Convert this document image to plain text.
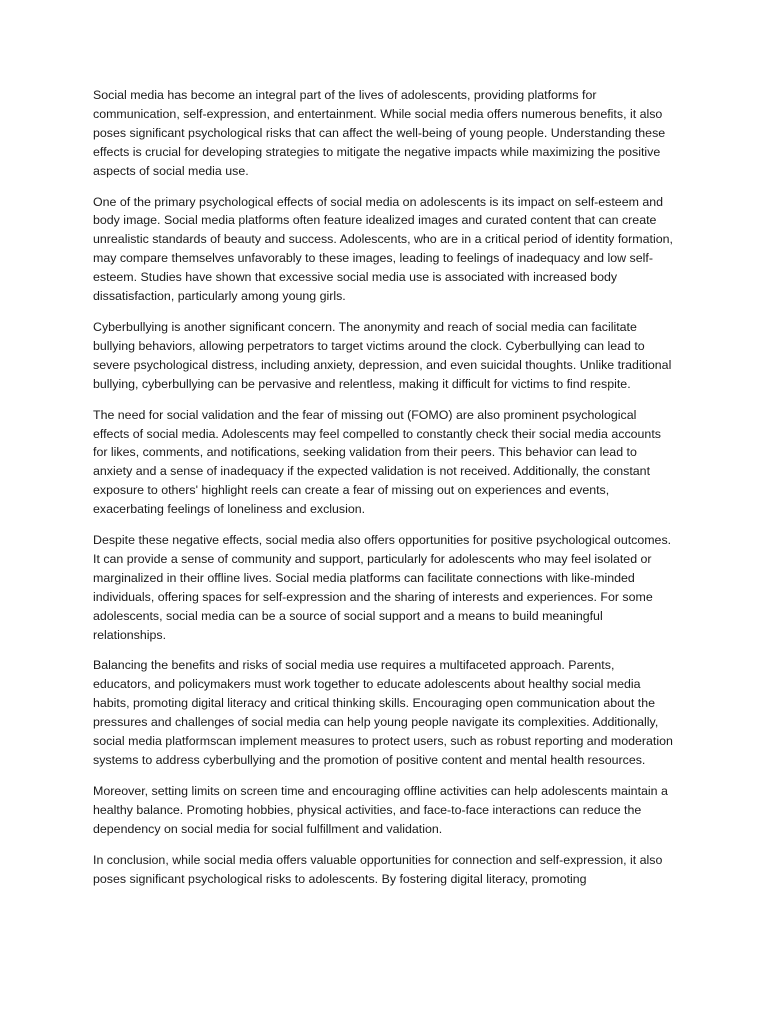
Social media has become an integral part of the lives of adolescents, providing platforms for communication, self-expression, and entertainment. While social media offers numerous benefits, it also poses significant psychological risks that can affect the well-being of young people. Understanding these effects is crucial for developing strategies to mitigate the negative impacts while maximizing the positive aspects of social media use.

One of the primary psychological effects of social media on adolescents is its impact on self-esteem and body image. Social media platforms often feature idealized images and curated content that can create unrealistic standards of beauty and success. Adolescents, who are in a critical period of identity formation, may compare themselves unfavorably to these images, leading to feelings of inadequacy and low self-esteem. Studies have shown that excessive social media use is associated with increased body dissatisfaction, particularly among young girls.

Cyberbullying is another significant concern. The anonymity and reach of social media can facilitate bullying behaviors, allowing perpetrators to target victims around the clock. Cyberbullying can lead to severe psychological distress, including anxiety, depression, and even suicidal thoughts. Unlike traditional bullying, cyberbullying can be pervasive and relentless, making it difficult for victims to find respite.

The need for social validation and the fear of missing out (FOMO) are also prominent psychological effects of social media. Adolescents may feel compelled to constantly check their social media accounts for likes, comments, and notifications, seeking validation from their peers. This behavior can lead to anxiety and a sense of inadequacy if the expected validation is not received. Additionally, the constant exposure to others' highlight reels can create a fear of missing out on experiences and events, exacerbating feelings of loneliness and exclusion.

Despite these negative effects, social media also offers opportunities for positive psychological outcomes. It can provide a sense of community and support, particularly for adolescents who may feel isolated or marginalized in their offline lives. Social media platforms can facilitate connections with like-minded individuals, offering spaces for self-expression and the sharing of interests and experiences. For some adolescents, social media can be a source of social support and a means to build meaningful relationships.

Balancing the benefits and risks of social media use requires a multifaceted approach. Parents, educators, and policymakers must work together to educate adolescents about healthy social media habits, promoting digital literacy and critical thinking skills. Encouraging open communication about the pressures and challenges of social media can help young people navigate its complexities. Additionally, social media platformscan implement measures to protect users, such as robust reporting and moderation systems to address cyberbullying and the promotion of positive content and mental health resources.

Moreover, setting limits on screen time and encouraging offline activities can help adolescents maintain a healthy balance. Promoting hobbies, physical activities, and face-to-face interactions can reduce the dependency on social media for social fulfillment and validation.

In conclusion, while social media offers valuable opportunities for connection and self-expression, it also poses significant psychological risks to adolescents. By fostering digital literacy, promoting
